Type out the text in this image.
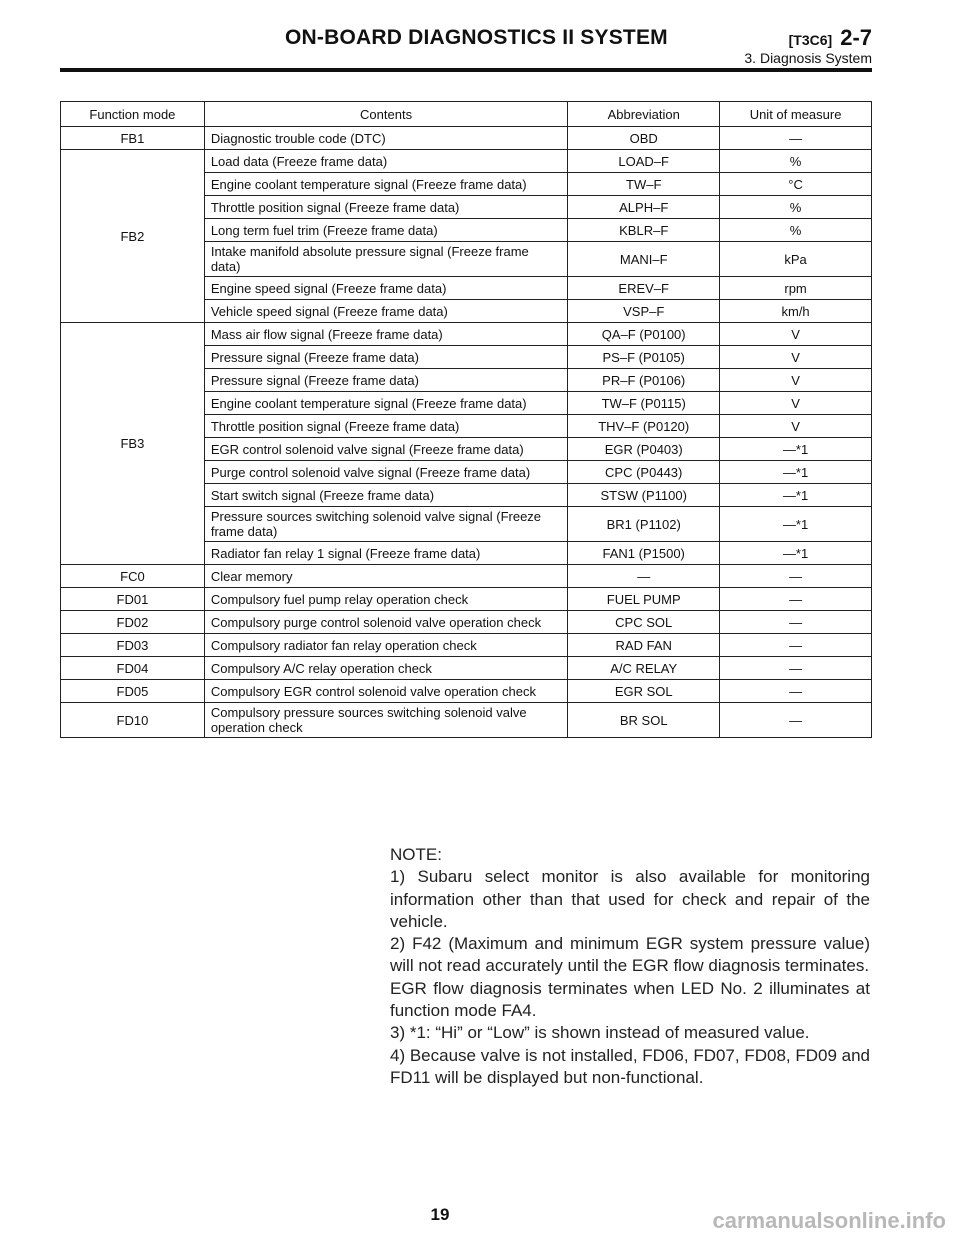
ON-BOARD DIAGNOSTICS II SYSTEM	[T3C6] 2-7
3. Diagnosis System
Function mode	Contents	Abbreviation	Unit of measure
FB1	Diagnostic trouble code (DTC)	OBD	—
FB2	Load data (Freeze frame data)	LOAD–F	%
	Engine coolant temperature signal (Freeze frame data)	TW–F	°C
	Throttle position signal (Freeze frame data)	ALPH–F	%
	Long term fuel trim (Freeze frame data)	KBLR–F	%
	Intake manifold absolute pressure signal (Freeze frame data)	MANI–F	kPa
	Engine speed signal (Freeze frame data)	EREV–F	rpm
	Vehicle speed signal (Freeze frame data)	VSP–F	km/h
FB3	Mass air flow signal (Freeze frame data)	QA–F (P0100)	V
	Pressure signal (Freeze frame data)	PS–F (P0105)	V
	Pressure signal (Freeze frame data)	PR–F (P0106)	V
	Engine coolant temperature signal (Freeze frame data)	TW–F (P0115)	V
	Throttle position signal (Freeze frame data)	THV–F (P0120)	V
	EGR control solenoid valve signal (Freeze frame data)	EGR (P0403)	—*1
	Purge control solenoid valve signal (Freeze frame data)	CPC (P0443)	—*1
	Start switch signal (Freeze frame data)	STSW (P1100)	—*1
	Pressure sources switching solenoid valve signal (Freeze frame data)	BR1 (P1102)	—*1
	Radiator fan relay 1 signal (Freeze frame data)	FAN1 (P1500)	—*1
FC0	Clear memory	—	—
FD01	Compulsory fuel pump relay operation check	FUEL PUMP	—
FD02	Compulsory purge control solenoid valve operation check	CPC SOL	—
FD03	Compulsory radiator fan relay operation check	RAD FAN	—
FD04	Compulsory A/C relay operation check	A/C RELAY	—
FD05	Compulsory EGR control solenoid valve operation check	EGR SOL	—
FD10	Compulsory pressure sources switching solenoid valve operation check	BR SOL	—

NOTE:

1) Subaru select monitor is also available for monitoring information other than that used for check and repair of the vehicle.

2) F42 (Maximum and minimum EGR system pressure value) will not read accurately until the EGR flow diagnosis terminates.

EGR flow diagnosis terminates when LED No. 2 illuminates at function mode FA4.

3) *1: “Hi” or “Low” is shown instead of measured value.

4) Because valve is not installed, FD06, FD07, FD08, FD09 and FD11 will be displayed but non-functional.

19	carmanualsonline.info
